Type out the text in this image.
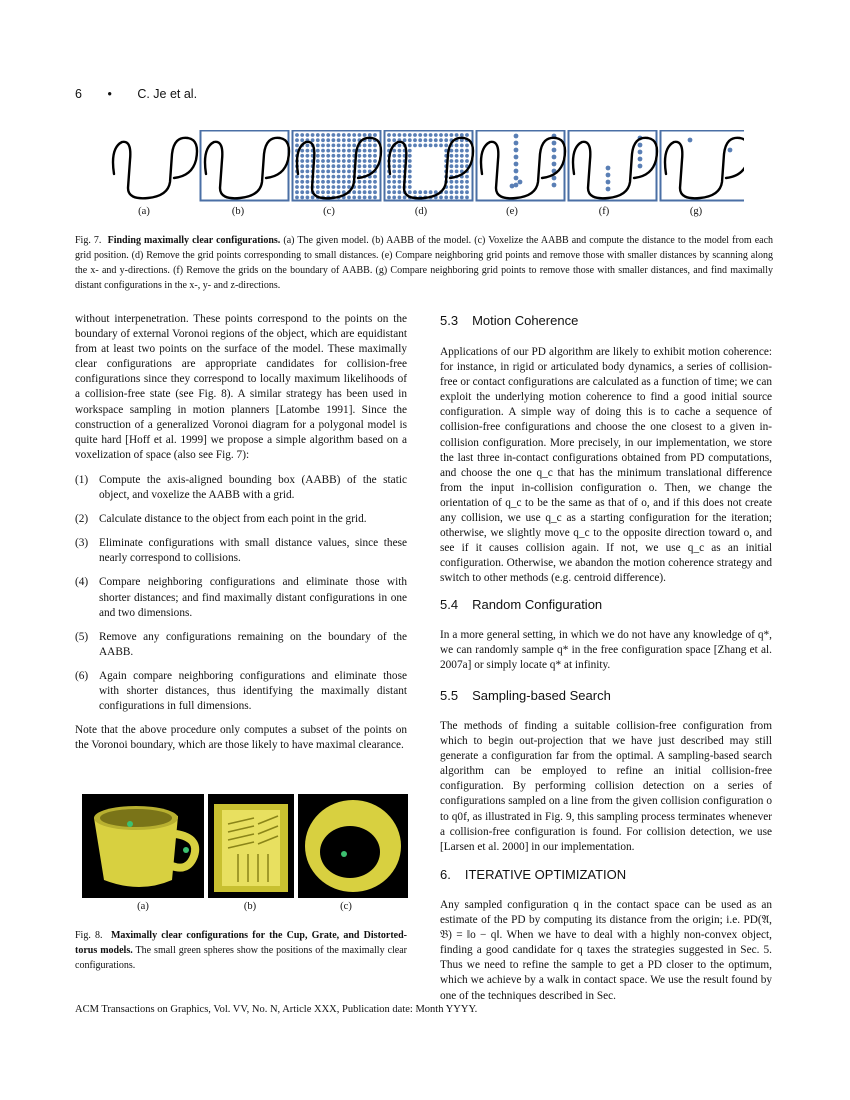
6 • C. Je et al.
(a)	(b)	(c)	(d)	(e)	(f)	(g)
Fig. 7. Finding maximally clear configurations. (a) The given model. (b) AABB of the model. (c) Voxelize the AABB and compute the distance to the model from each grid position. (d) Remove the grid points corresponding to small distances. (e) Compare neighboring grid points and remove those with smaller distances by scanning along the x- and y-directions. (f) Remove the grids on the boundary of AABB. (g) Compare neighboring grid points to remove those with smaller distances, and find maximally distant configurations in the x-, y- and z-directions.

without interpenetration. These points correspond to the points on the boundary of external Voronoi regions of the object, which are equidistant from at least two points on the surface of the model. These maximally clear configurations are appropriate candidates for collision-free configurations since they correspond to locally maximum likelihoods of a collision-free state (see Fig. 8). A similar strategy has been used in workspace sampling in motion planners [Latombe 1991]. Since the construction of a generalized Voronoi diagram for a polygonal model is quite hard [Hoff et al. 1999] we propose a simple algorithm based on a voxelization of space (also see Fig. 7):

(1) Compute the axis-aligned bounding box (AABB) of the static object, and voxelize the AABB with a grid.
(2) Calculate distance to the object from each point in the grid.
(3) Eliminate configurations with small distance values, since these nearly correspond to collisions.
(4) Compare neighboring configurations and eliminate those with shorter distances; and find maximally distant configurations in one and two dimensions.
(5) Remove any configurations remaining on the boundary of the AABB.
(6) Again compare neighboring configurations and eliminate those with shorter distances, thus identifying the maximally distant configurations in full dimensions.

Note that the above procedure only computes a subset of the points on the Voronoi boundary, which are those likely to have maximal clearance.

(a)	(b)	(c)
Fig. 8. Maximally clear configurations for the Cup, Grate, and Distorted-torus models. The small green spheres show the positions of the maximally clear configurations.
5.3 Motion Coherence
Applications of our PD algorithm are likely to exhibit motion coherence: for instance, in rigid or articulated body dynamics, a series of collision-free or contact configurations are calculated as a function of time; we can exploit the underlying motion coherence to find a good initial source configuration. A simple way of doing this is to cache a sequence of collision-free configurations and choose the one closest to a given in-collision configuration. More precisely, in our implementation, we store the last three in-contact configurations obtained from PD computations, and choose the one q_c that has the minimum translational difference from the input in-collision configuration o. Then, we change the orientation of q_c to be the same as that of o, and if this does not create any collision, we use q_c as a starting configuration for the iteration; otherwise, we slightly move q_c to the opposite direction toward o, and see if it causes collision again. If not, we use q_c as an initial configuration. Otherwise, we abandon the motion coherence strategy and switch to other methods (e.g. centroid difference).
5.4 Random Configuration
In a more general setting, in which we do not have any knowledge of q*, we can randomly sample q* in the free configuration space [Zhang et al. 2007a] or simply locate q* at infinity.
5.5 Sampling-based Search
The methods of finding a suitable collision-free configuration from which to begin out-projection that we have just described may still generate a configuration far from the optimal. A sampling-based search algorithm can be employed to refine an initial collision-free configuration. By performing collision detection on a series of configurations sampled on a line from the given collision configuration o to q0f, as illustrated in Fig. 9, this sampling process terminates whenever a collision-free configuration is found. For collision detection, we use [Larsen et al. 2000] in our implementation.
6. ITERATIVE OPTIMIZATION
Any sampled configuration q in the contact space can be used as an estimate of the PD by computing its distance from the origin; i.e. PD(𝔄, 𝔅) = ‖o − q‖. When we have to deal with a highly non-convex object, finding a good candidate for q taxes the strategies suggested in Sec. 5. Thus we need to refine the sample to get a PD closer to the optimum, which we achieve by a walk in contact space. We use the result found by one of the techniques described in Sec.
ACM Transactions on Graphics, Vol. VV, No. N, Article XXX, Publication date: Month YYYY.
